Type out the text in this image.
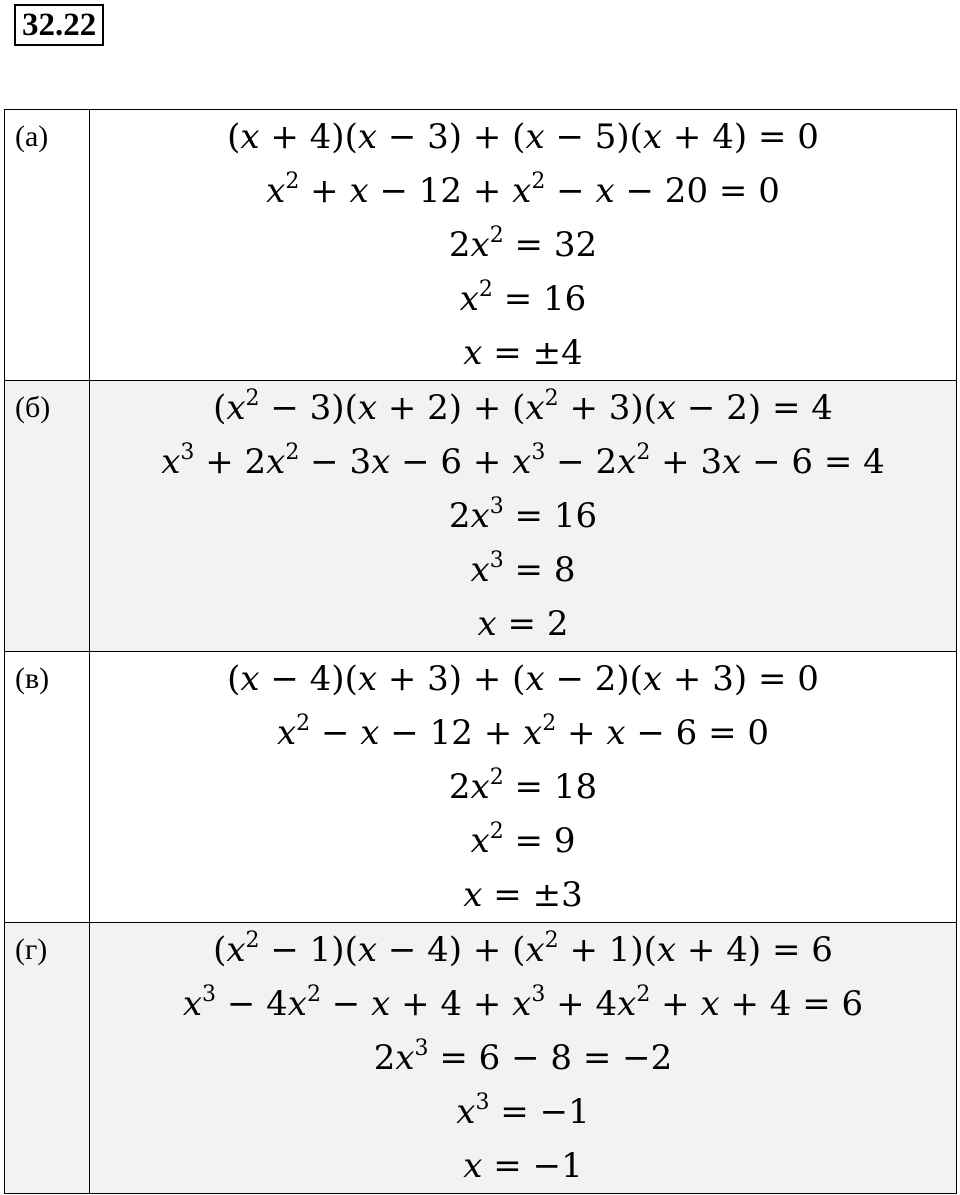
32.22
(а)	(x + 4)(x − 3) + (x − 5)(x + 4) = 0
$x^2 + x - 12 + x^2 - x - 20 = 0$
$2x^2 = 32$
$x^2 = 16$
x = ±4

(б)	$(x^2 - 3)(x + 2) + (x^2 + 3)(x - 2) = 4$
$x^3 + 2x^2 - 3x - 6 + x^3 - 2x^2 + 3x - 6 = 4$
$2x^3 = 16$
$x^3 = 8$
x = 2

(в)	(x − 4)(x + 3) + (x − 2)(x + 3) = 0
$x^2 - x - 12 + x^2 + x - 6 = 0$
$2x^2 = 18$
$x^2 = 9$
x = ±3

(г)	$(x^2 - 1)(x - 4) + (x^2 + 1)(x + 4) = 6$
$x^3 - 4x^2 - x + 4 + x^3 + 4x^2 + x + 4 = 6$
$2x^3 = 6 - 8 = -2$
$x^3 = -1$
x = −1
